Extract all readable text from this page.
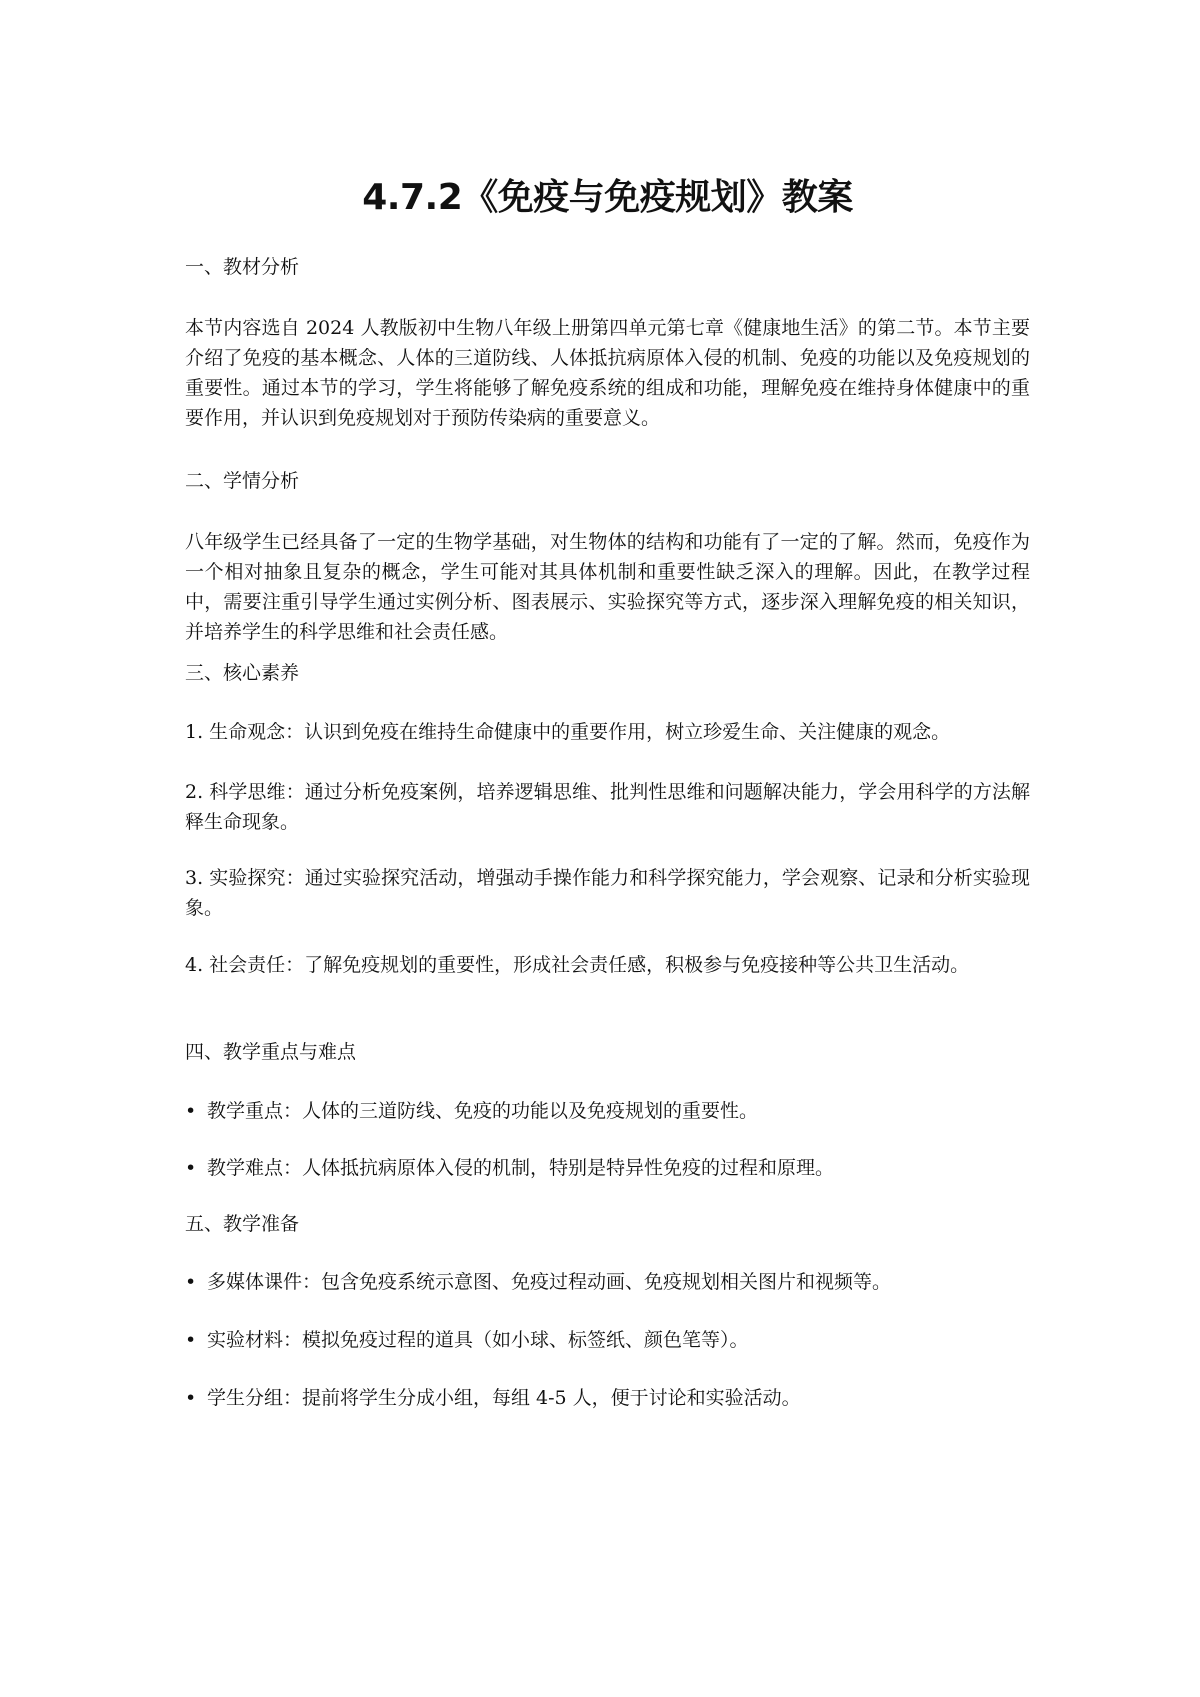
4.7.2《免疫与免疫规划》教案
一、教材分析
本节内容选自 2024 人教版初中生物八年级上册第四单元第七章《健康地生活》的第二节。本节主要介绍了免疫的基本概念、人体的三道防线、人体抵抗病原体入侵的机制、免疫的功能以及免疫规划的重要性。通过本节的学习，学生将能够了解免疫系统的组成和功能，理解免疫在维持身体健康中的重要作用，并认识到免疫规划对于预防传染病的重要意义。
二、学情分析
八年级学生已经具备了一定的生物学基础，对生物体的结构和功能有了一定的了解。然而，免疫作为一个相对抽象且复杂的概念，学生可能对其具体机制和重要性缺乏深入的理解。因此，在教学过程中，需要注重引导学生通过实例分析、图表展示、实验探究等方式，逐步深入理解免疫的相关知识，并培养学生的科学思维和社会责任感。
三、核心素养
1. 生命观念：认识到免疫在维持生命健康中的重要作用，树立珍爱生命、关注健康的观念。
2. 科学思维：通过分析免疫案例，培养逻辑思维、批判性思维和问题解决能力，学会用科学的方法解释生命现象。
3. 实验探究：通过实验探究活动，增强动手操作能力和科学探究能力，学会观察、记录和分析实验现象。
4. 社会责任：了解免疫规划的重要性，形成社会责任感，积极参与免疫接种等公共卫生活动。
四、教学重点与难点
• 教学重点：人体的三道防线、免疫的功能以及免疫规划的重要性。
• 教学难点：人体抵抗病原体入侵的机制，特别是特异性免疫的过程和原理。
五、教学准备
• 多媒体课件：包含免疫系统示意图、免疫过程动画、免疫规划相关图片和视频等。
• 实验材料：模拟免疫过程的道具（如小球、标签纸、颜色笔等）。
• 学生分组：提前将学生分成小组，每组 4-5 人，便于讨论和实验活动。
